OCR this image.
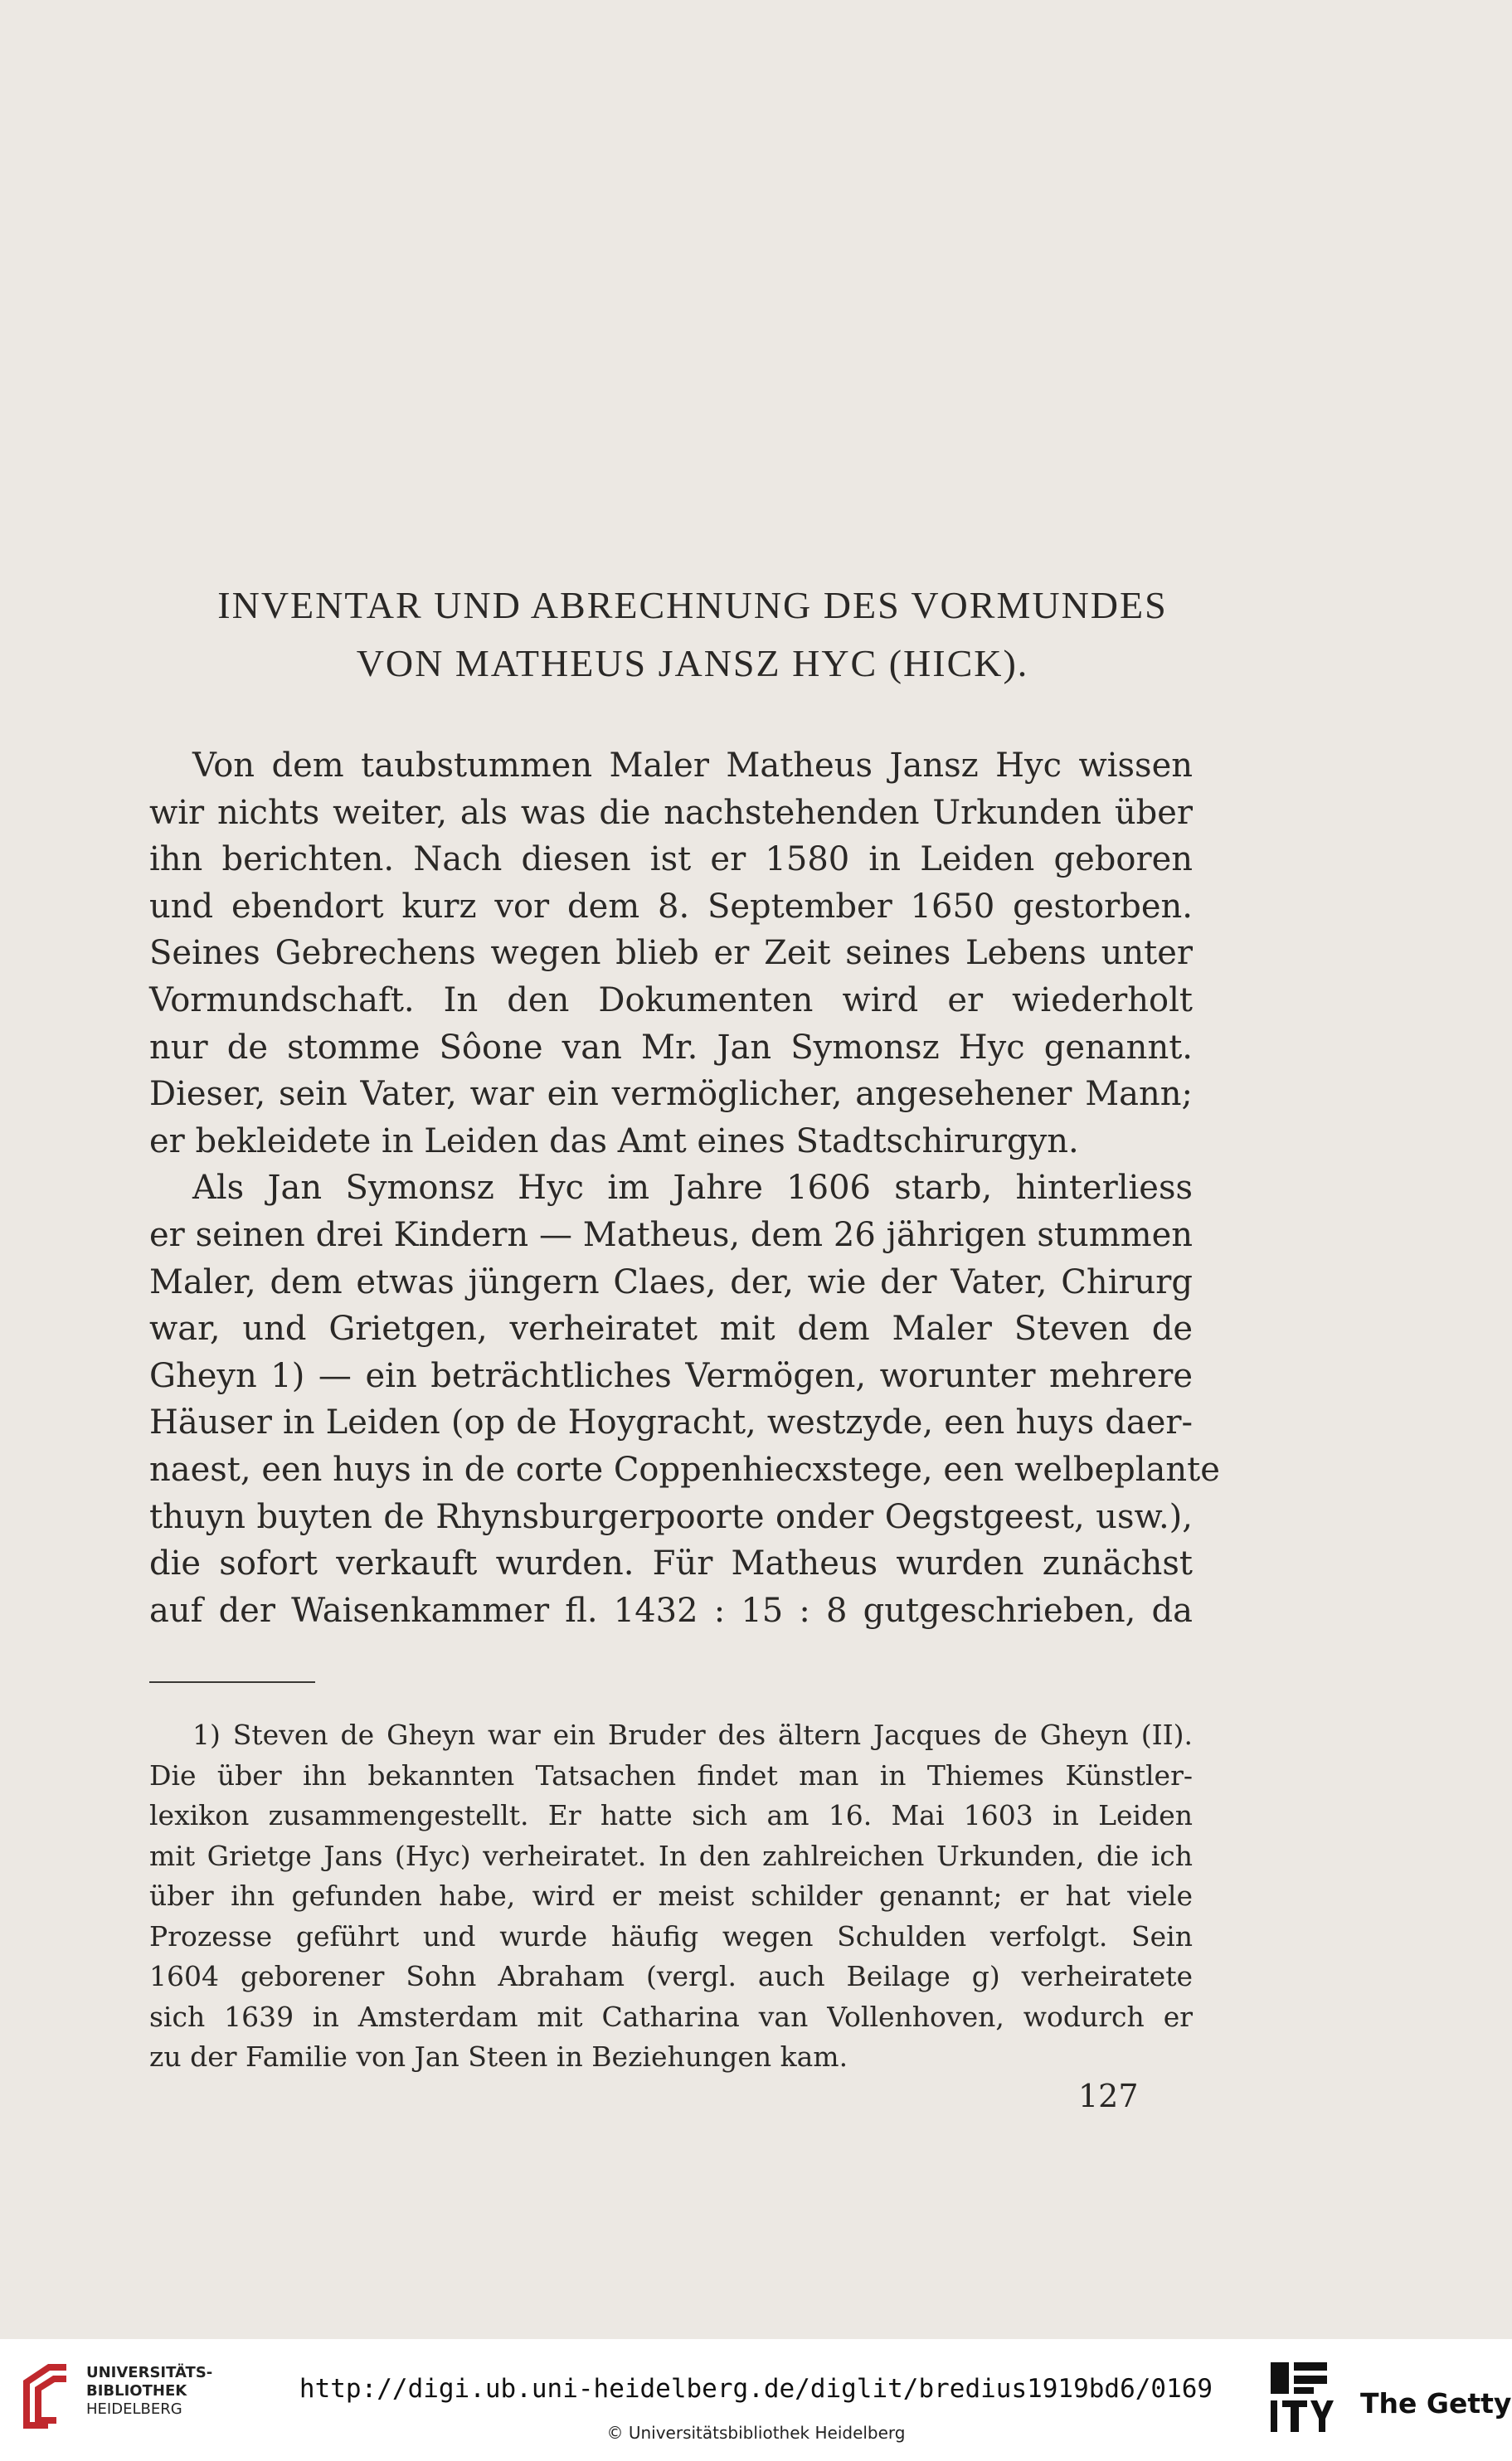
INVENTAR UND ABRECHNUNG DES VORMUNDES
VON MATHEUS JANSZ HYC (HICK).
Von dem taubstummen Maler Matheus Jansz Hyc wissen
wir nichts weiter, als was die nachstehenden Urkunden über
ihn berichten. Nach diesen ist er 1580 in Leiden geboren
und ebendort kurz vor dem 8. September 1650 gestorben.
Seines Gebrechens wegen blieb er Zeit seines Lebens unter
Vormundschaft. In den Dokumenten wird er wiederholt
nur de stomme Sôone van Mr. Jan Symonsz Hyc genannt.
Dieser, sein Vater, war ein vermöglicher, angesehener Mann;
er bekleidete in Leiden das Amt eines Stadtschirurgyn.
Als Jan Symonsz Hyc im Jahre 1606 starb, hinterliess
er seinen drei Kindern — Matheus, dem 26 jährigen stummen
Maler, dem etwas jüngern Claes, der, wie der Vater, Chirurg
war, und Grietgen, verheiratet mit dem Maler Steven de
Gheyn 1) — ein beträchtliches Vermögen, worunter mehrere
Häuser in Leiden (op de Hoygracht, westzyde, een huys daer-
naest, een huys in de corte Coppenhiecxstege, een welbeplante
thuyn buyten de Rhynsburgerpoorte onder Oegstgeest, usw.),
die sofort verkauft wurden. Für Matheus wurden zunächst
auf der Waisenkammer fl. 1432 : 15 : 8 gutgeschrieben, da
1) Steven de Gheyn war ein Bruder des ältern Jacques de Gheyn (II).
Die über ihn bekannten Tatsachen findet man in Thiemes Künstler-
lexikon zusammengestellt. Er hatte sich am 16. Mai 1603 in Leiden
mit Grietge Jans (Hyc) verheiratet. In den zahlreichen Urkunden, die ich
über ihn gefunden habe, wird er meist schilder genannt; er hat viele
Prozesse geführt und wurde häufig wegen Schulden verfolgt. Sein
1604 geborener Sohn Abraham (vergl. auch Beilage g) verheiratete
sich 1639 in Amsterdam mit Catharina van Vollenhoven, wodurch er
zu der Familie von Jan Steen in Beziehungen kam.
127
UNIVERSITÄTS-
BIBLIOTHEK
HEIDELBERG
http://digi.ub.uni-heidelberg.de/diglit/bredius1919bd6/0169
© Universitätsbibliothek Heidelberg
The Getty
